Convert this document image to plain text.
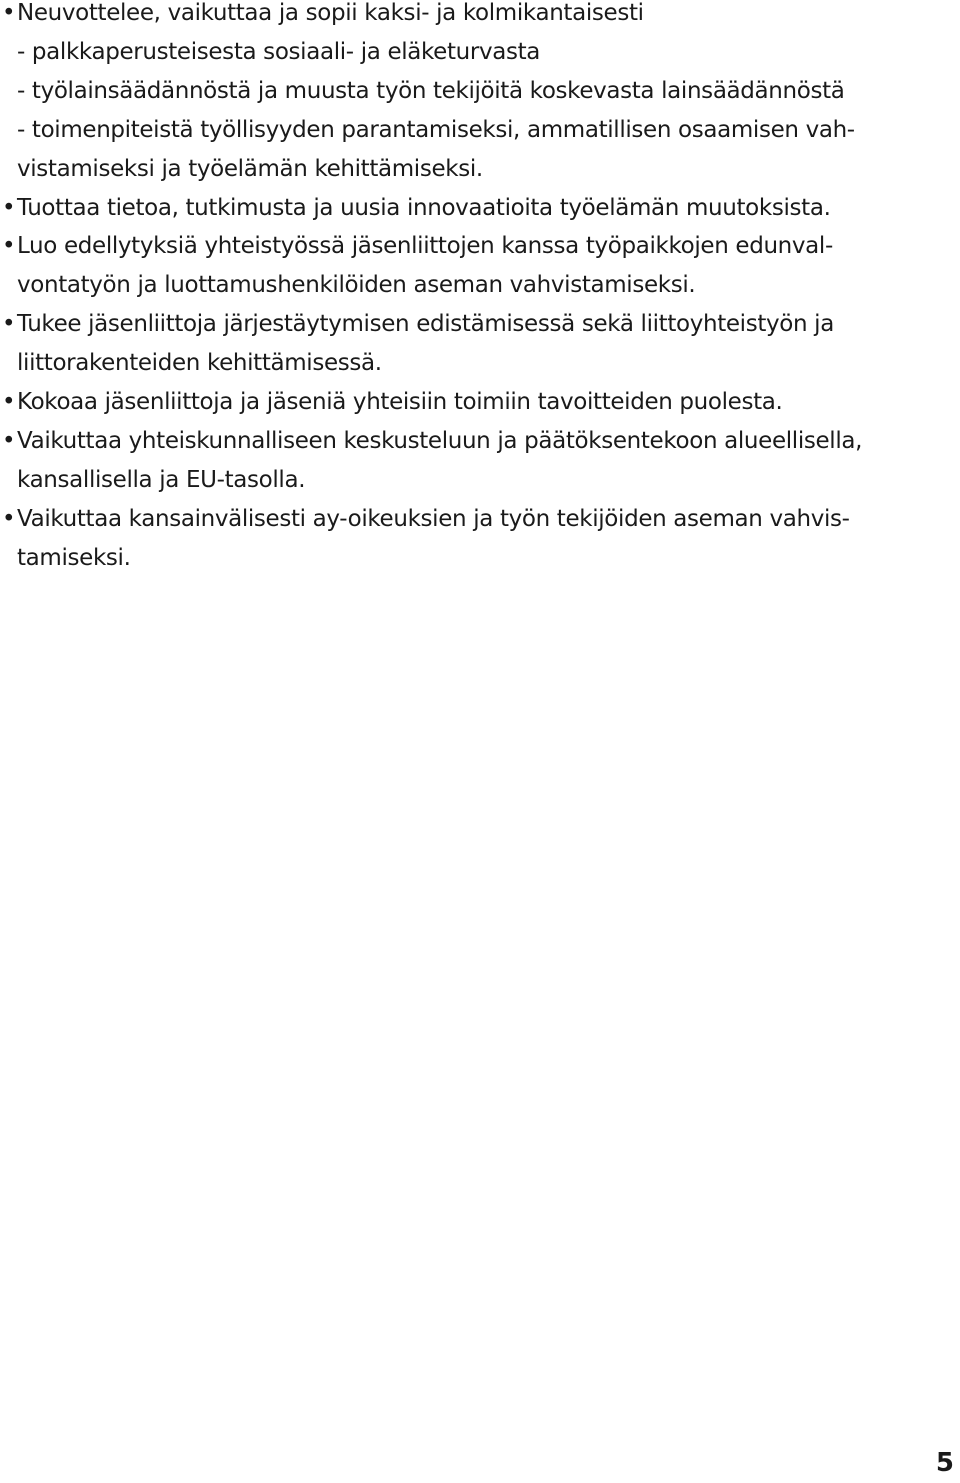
• Neuvottelee, vaikuttaa ja sopii kaksi- ja kolmikantaisesti
- palkkaperusteisesta sosiaali- ja eläketurvasta
- työlainsäädännöstä ja muusta työn tekijöitä koskevasta lainsäädännöstä
- toimenpiteistä työllisyyden parantamiseksi, ammatillisen osaamisen vah-
vistamiseksi ja työelämän kehittämiseksi.
• Tuottaa tietoa, tutkimusta ja uusia innovaatioita työelämän muutoksista.
• Luo edellytyksiä yhteistyössä jäsenliittojen kanssa työpaikkojen edunval-
vontatyön ja luottamushenkilöiden aseman vahvistamiseksi.
• Tukee jäsenliittoja järjestäytymisen edistämisessä sekä liittoyhteistyön ja
liittorakenteiden kehittämisessä.
• Kokoaa jäsenliittoja ja jäseniä yhteisiin toimiin tavoitteiden puolesta.
• Vaikuttaa yhteiskunnalliseen keskusteluun ja päätöksentekoon alueellisella,
kansallisella ja EU-tasolla.
• Vaikuttaa kansainvälisesti ay-oikeuksien ja työn tekijöiden aseman vahvis-
tamiseksi.
5
